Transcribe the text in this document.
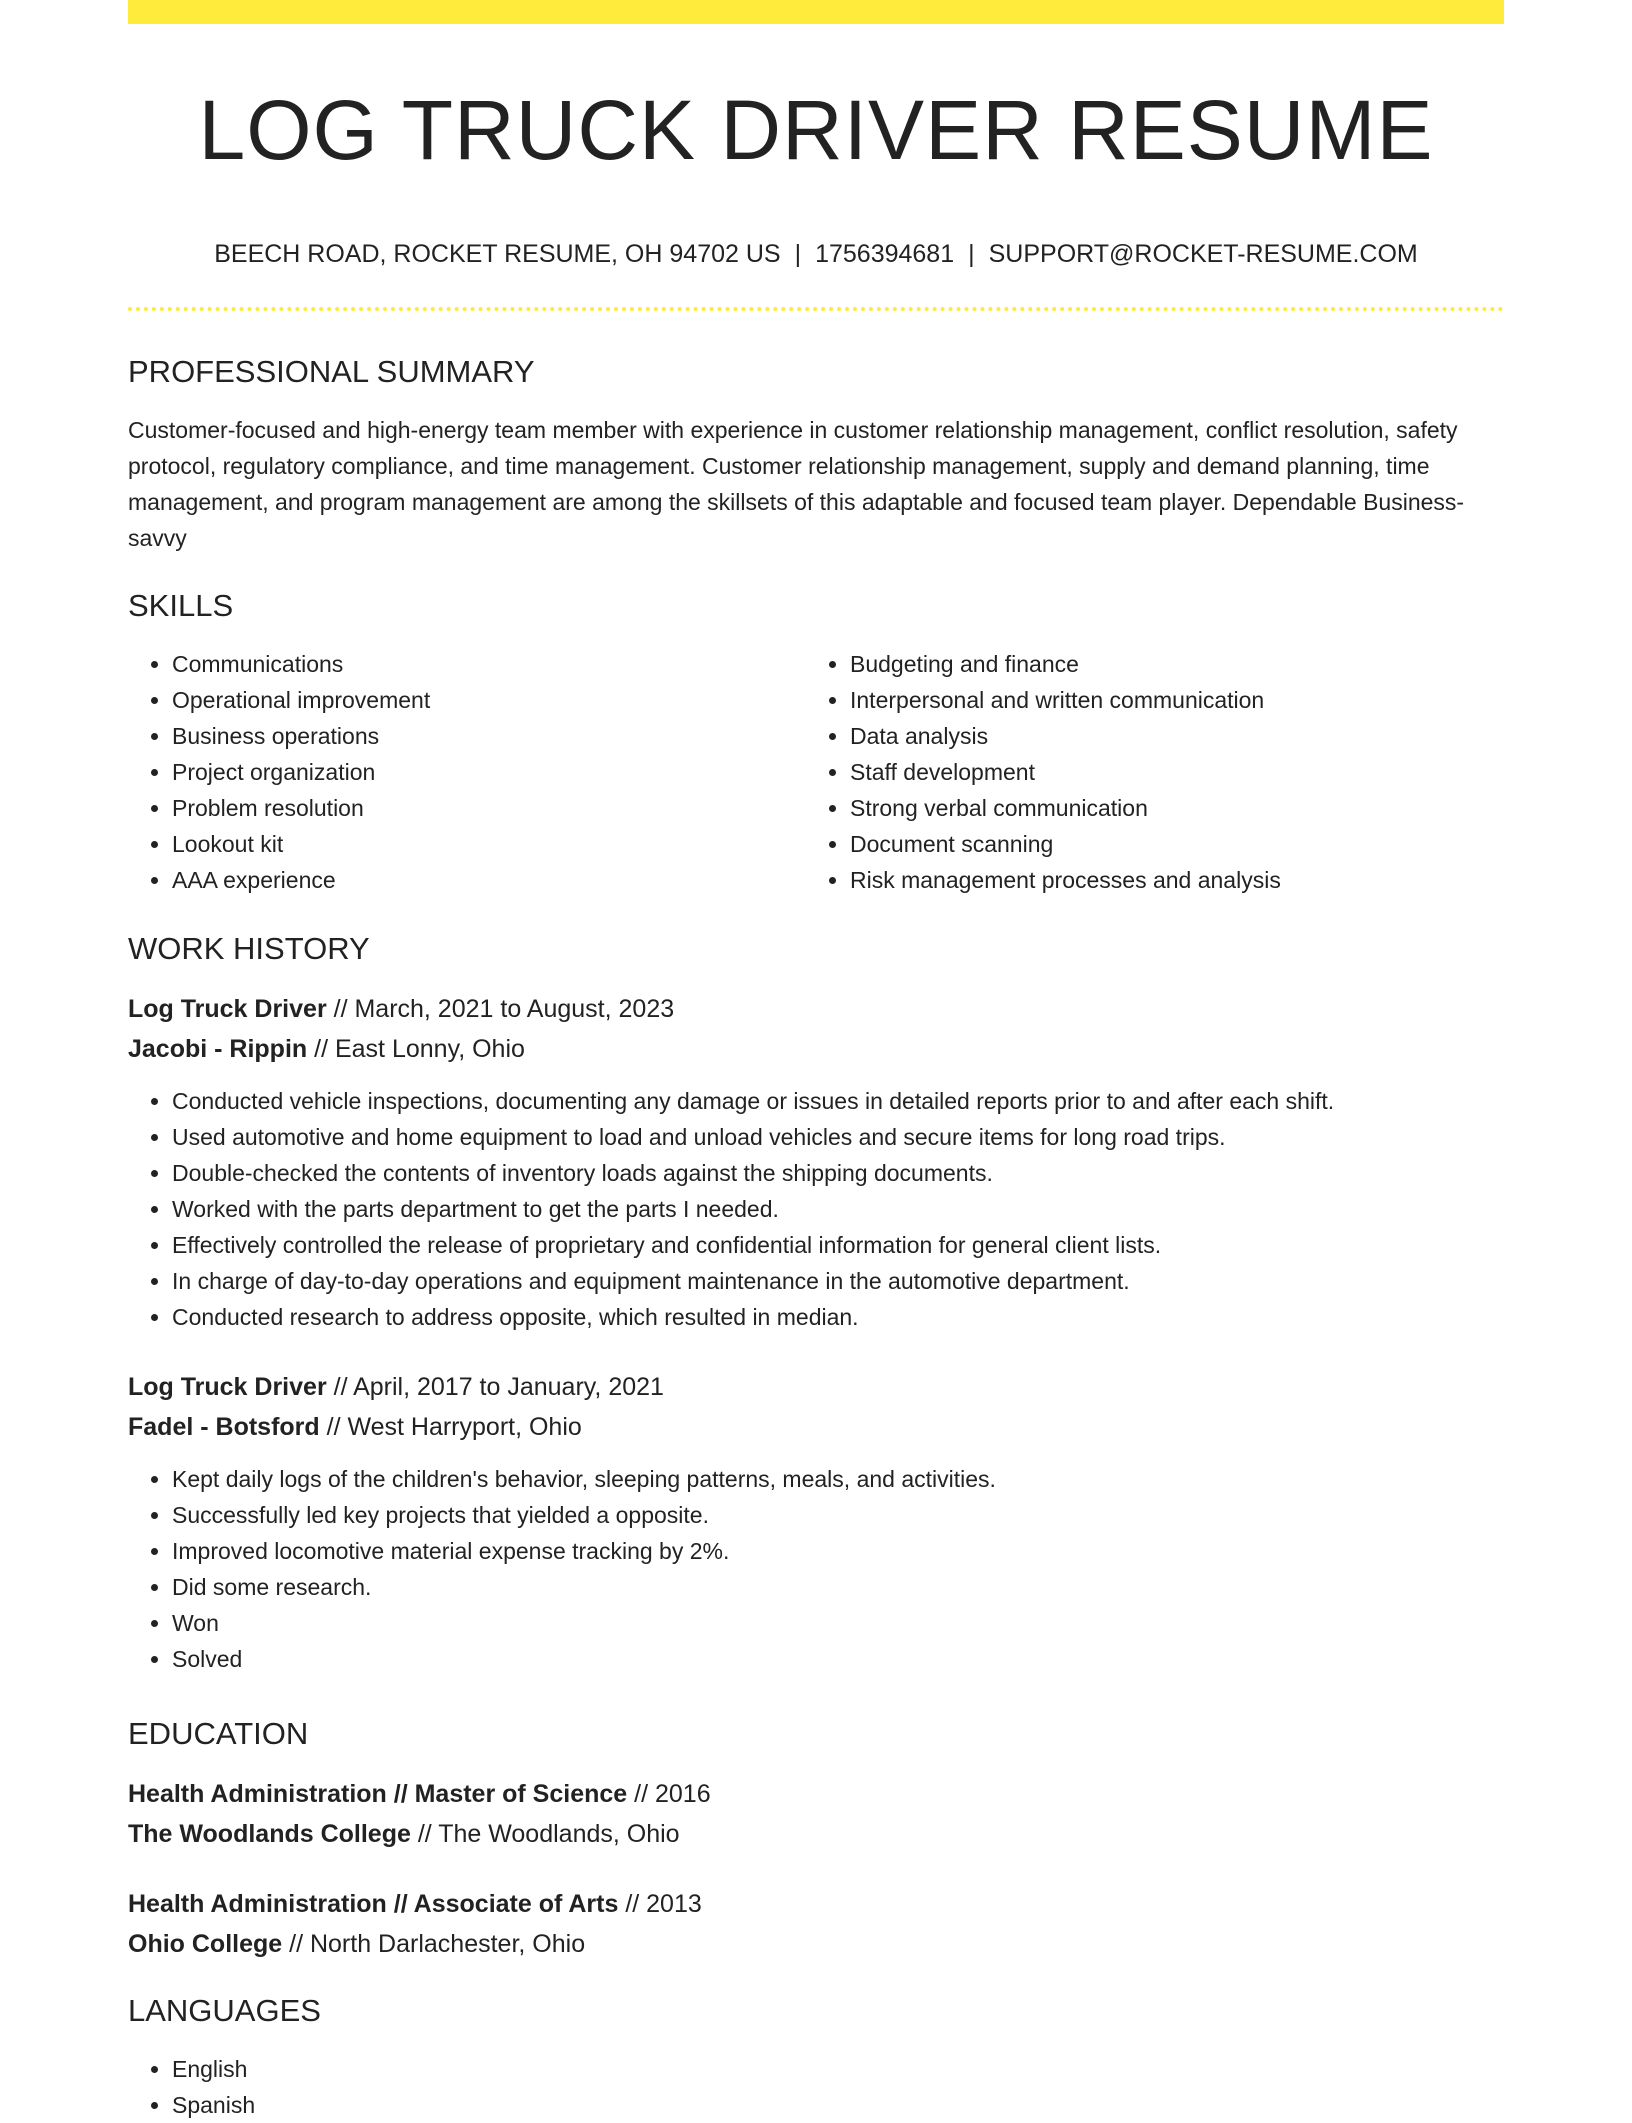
LOG TRUCK DRIVER RESUME
BEECH ROAD, ROCKET RESUME, OH 94702 US | 1756394681 | SUPPORT@ROCKET-RESUME.COM
PROFESSIONAL SUMMARY

Customer-focused and high-energy team member with experience in customer relationship management, conflict resolution, safety protocol, regulatory compliance, and time management. Customer relationship management, supply and demand planning, time management, and program management are among the skillsets of this adaptable and focused team player. Dependable Business-savvy

SKILLS
• Communications
• Operational improvement
• Business operations
• Project organization
• Problem resolution
• Lookout kit
• AAA experience
• Budgeting and finance
• Interpersonal and written communication
• Data analysis
• Staff development
• Strong verbal communication
• Document scanning
• Risk management processes and analysis
WORK HISTORY
Log Truck Driver // March, 2021 to August, 2023
Jacobi - Rippin // East Lonny, Ohio
• Conducted vehicle inspections, documenting any damage or issues in detailed reports prior to and after each shift.
• Used automotive and home equipment to load and unload vehicles and secure items for long road trips.
• Double-checked the contents of inventory loads against the shipping documents.
• Worked with the parts department to get the parts I needed.
• Effectively controlled the release of proprietary and confidential information for general client lists.
• In charge of day-to-day operations and equipment maintenance in the automotive department.
• Conducted research to address opposite, which resulted in median.
Log Truck Driver // April, 2017 to January, 2021
Fadel - Botsford // West Harryport, Ohio
• Kept daily logs of the children's behavior, sleeping patterns, meals, and activities.
• Successfully led key projects that yielded a opposite.
• Improved locomotive material expense tracking by 2%.
• Did some research.
• Won
• Solved
EDUCATION
Health Administration // Master of Science // 2016
The Woodlands College // The Woodlands, Ohio
Health Administration // Associate of Arts // 2013
Ohio College // North Darlachester, Ohio
LANGUAGES
• English
• Spanish
